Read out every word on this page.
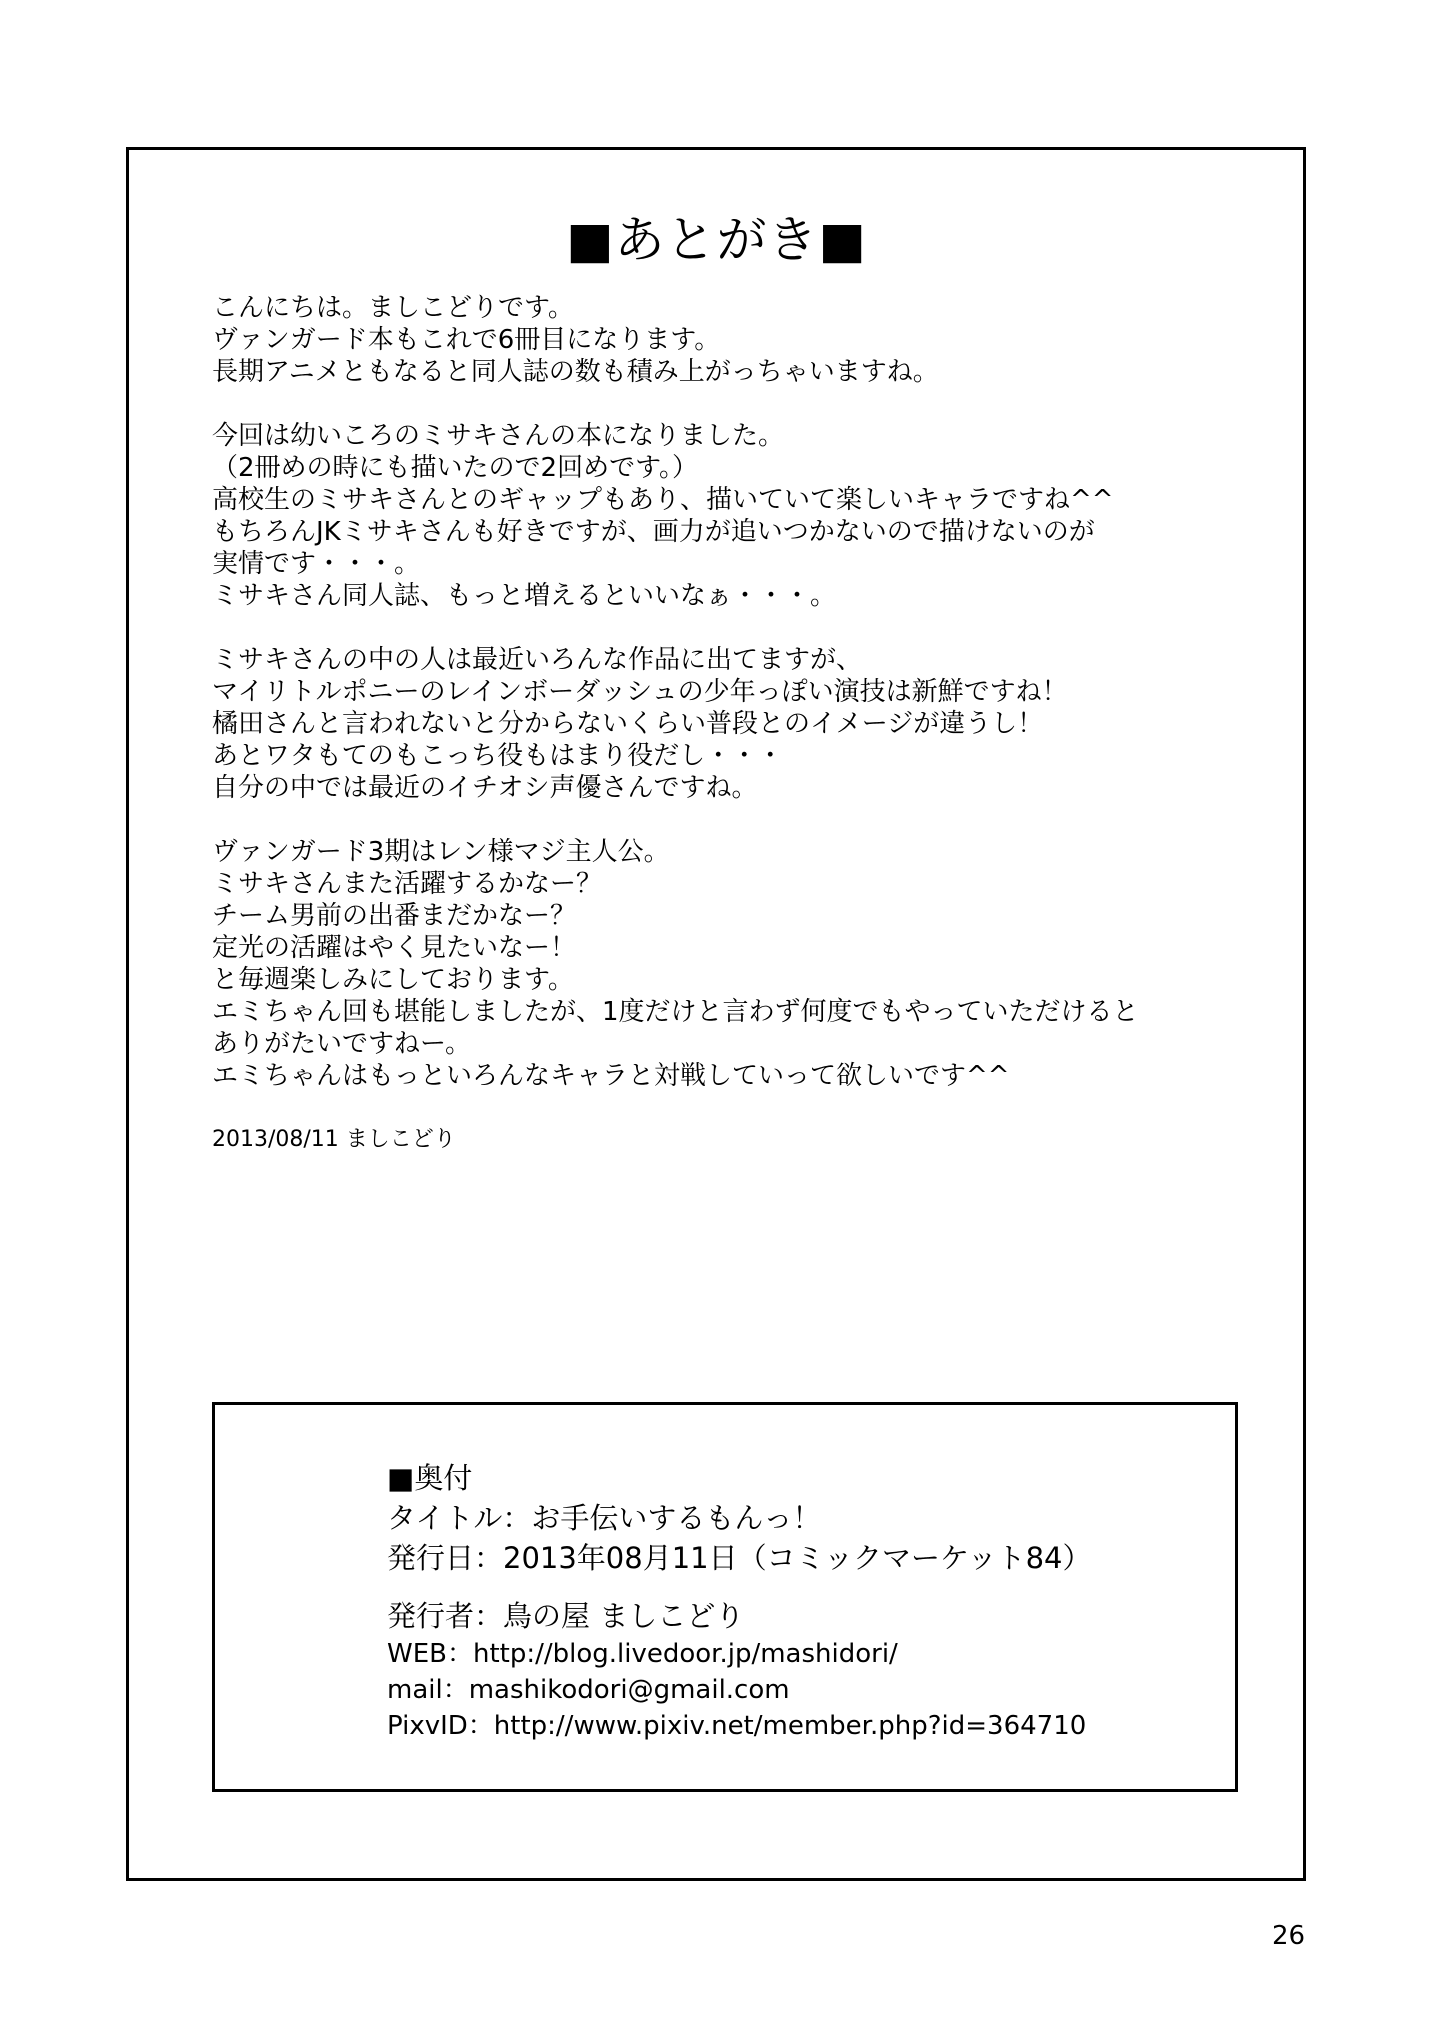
■あとがき■
こんにちは。ましこどりです。
ヴァンガード本もこれで6冊目になります。
長期アニメともなると同人誌の数も積み上がっちゃいますね。
今回は幼いころのミサキさんの本になりました。
（2冊めの時にも描いたので2回めです。）
高校生のミサキさんとのギャップもあり、描いていて楽しいキャラですね^^
もちろんJKミサキさんも好きですが、画力が追いつかないので描けないのが
実情です・・・。
ミサキさん同人誌、もっと増えるといいなぁ・・・。
ミサキさんの中の人は最近いろんな作品に出てますが、
マイリトルポニーのレインボーダッシュの少年っぽい演技は新鮮ですね！
橘田さんと言われないと分からないくらい普段とのイメージが違うし！
あとワタもてのもこっち役もはまり役だし・・・
自分の中では最近のイチオシ声優さんですね。
ヴァンガード3期はレン様マジ主人公。
ミサキさんまた活躍するかなー？
チーム男前の出番まだかなー？
定光の活躍はやく見たいなー！
と毎週楽しみにしております。
エミちゃん回も堪能しましたが、1度だけと言わず何度でもやっていただけると
ありがたいですねー。
エミちゃんはもっといろんなキャラと対戦していって欲しいです^^
2013/08/11 ましこどり
■奥付
タイトル：お手伝いするもんっ！
発行日：2013年08月11日（コミックマーケット84）
発行者：鳥の屋 ましこどり
WEB：http://blog.livedoor.jp/mashidori/
mail：mashikodori@gmail.com
PixvID：http://www.pixiv.net/member.php?id=364710
26
